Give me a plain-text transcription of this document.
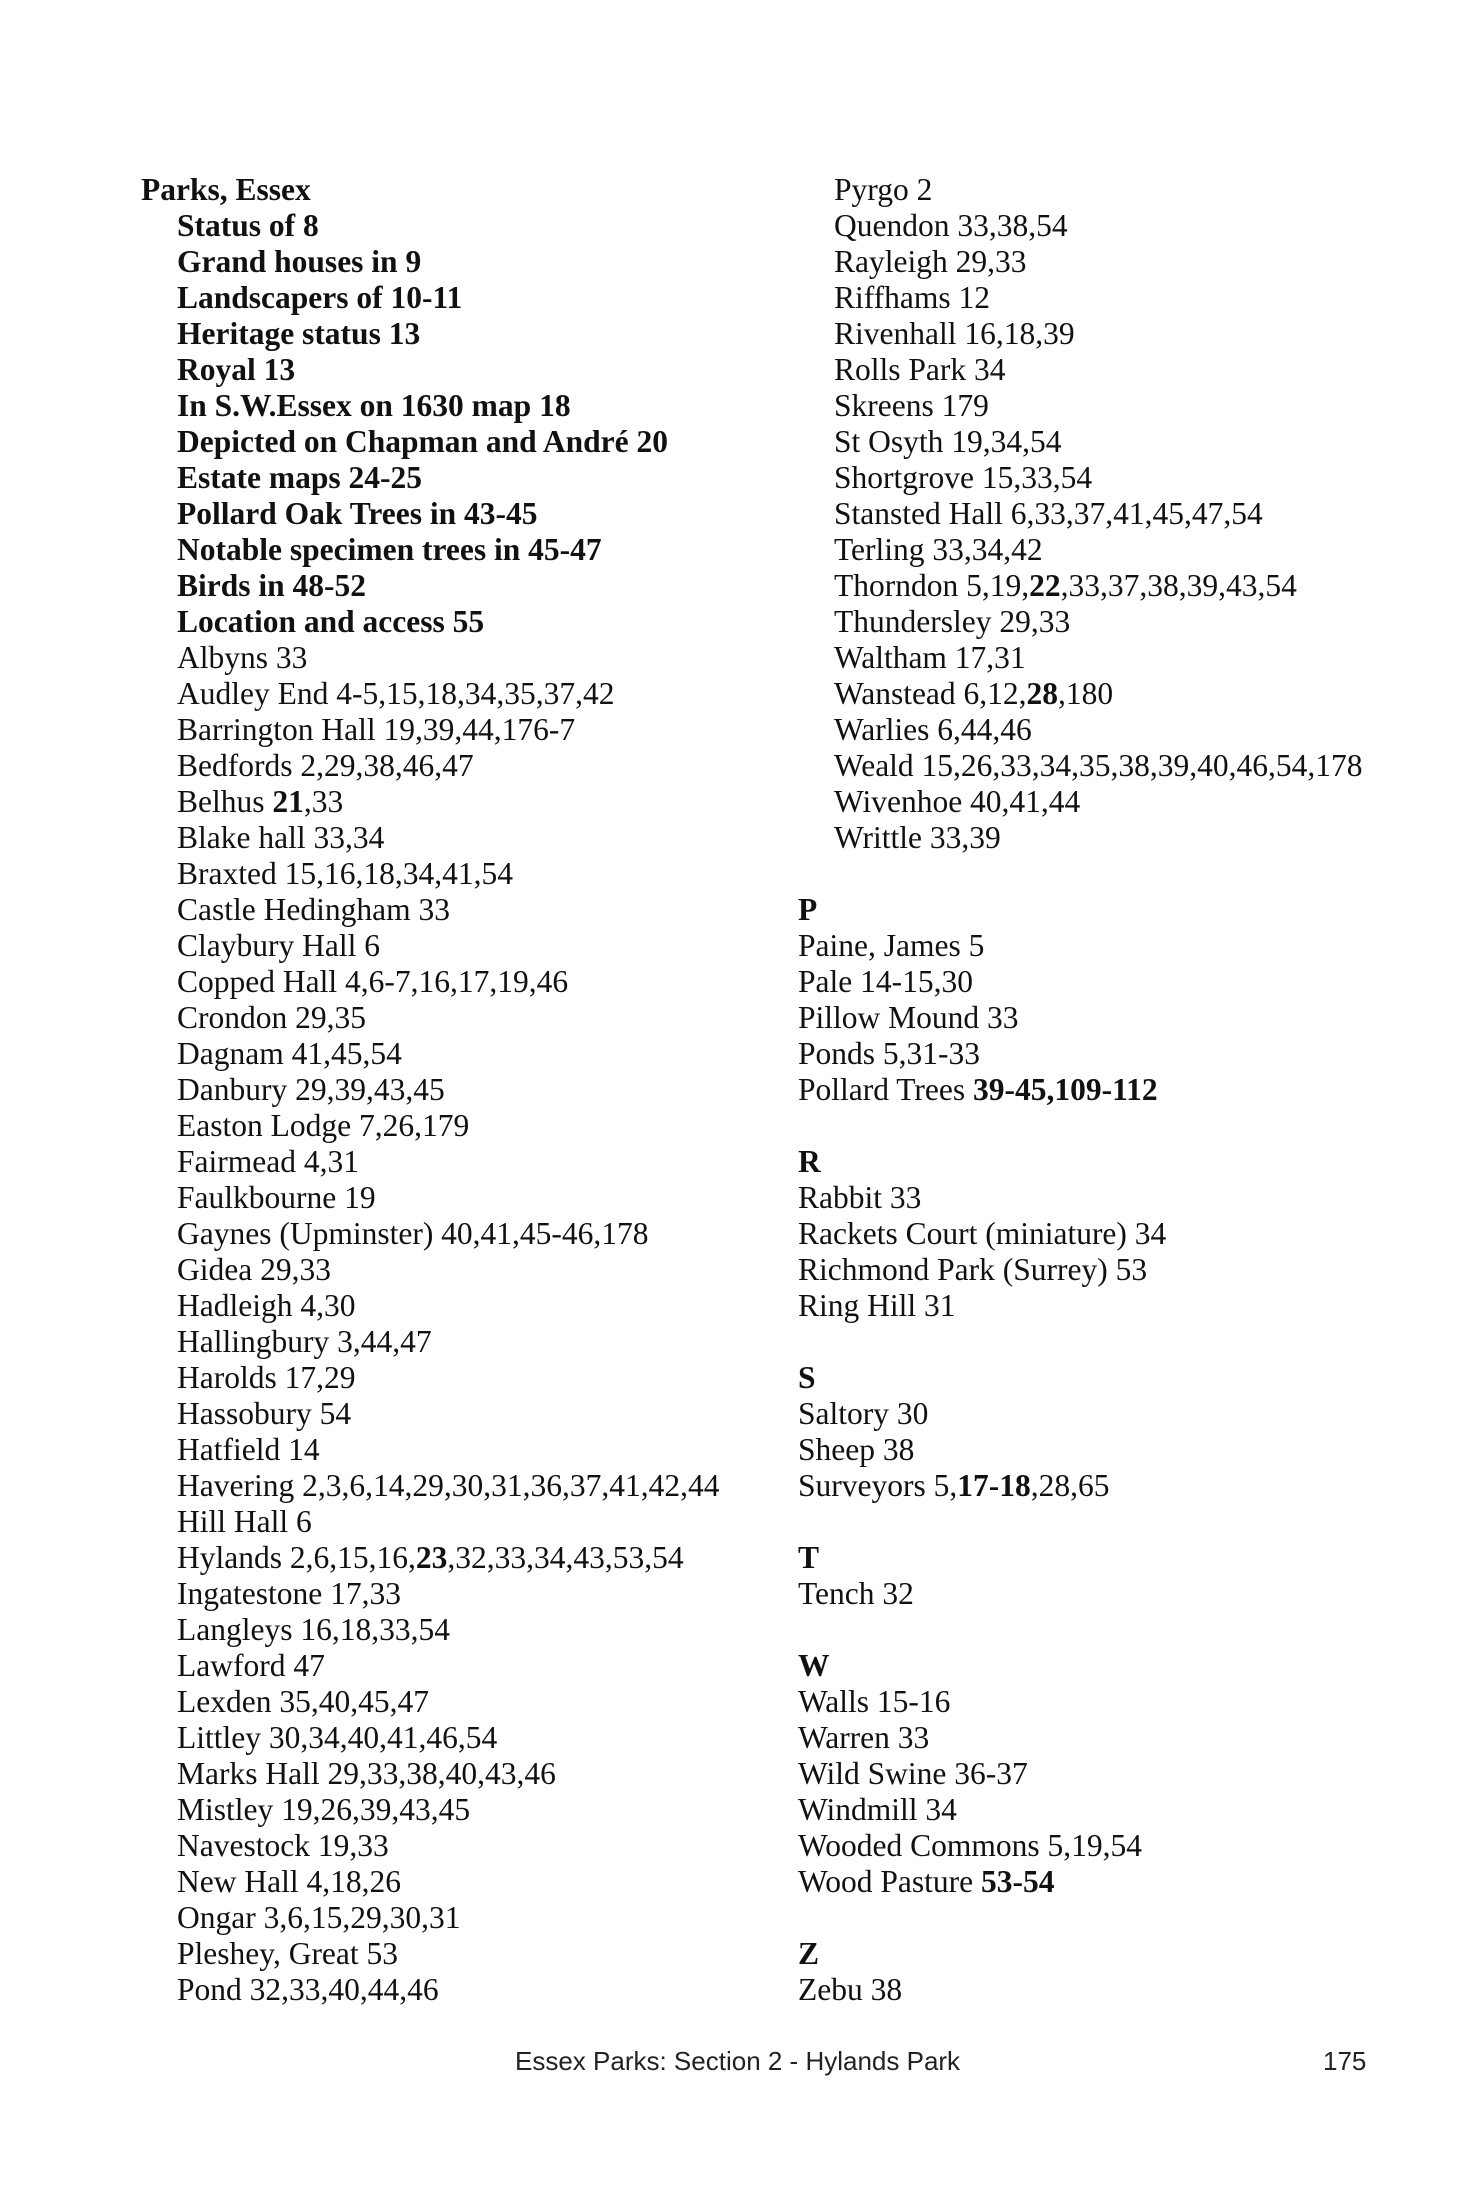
Parks, Essex
Status of 8
Grand houses in 9
Landscapers of 10-11
Heritage status 13
Royal 13
In S.W.Essex on 1630 map 18
Depicted on Chapman and André 20
Estate maps 24-25
Pollard Oak Trees in 43-45
Notable specimen trees in 45-47
Birds in 48-52
Location and access 55
Albyns 33
Audley End 4-5,15,18,34,35,37,42
Barrington Hall 19,39,44,176-7
Bedfords 2,29,38,46,47
Belhus 21,33
Blake hall 33,34
Braxted 15,16,18,34,41,54
Castle Hedingham 33
Claybury Hall 6
Copped Hall 4,6-7,16,17,19,46
Crondon 29,35
Dagnam 41,45,54
Danbury 29,39,43,45
Easton Lodge 7,26,179
Fairmead 4,31
Faulkbourne 19
Gaynes (Upminster) 40,41,45-46,178
Gidea 29,33
Hadleigh 4,30
Hallingbury 3,44,47
Harolds 17,29
Hassobury 54
Hatfield 14
Havering 2,3,6,14,29,30,31,36,37,41,42,44
Hill Hall 6
Hylands 2,6,15,16,23,32,33,34,43,53,54
Ingatestone 17,33
Langleys 16,18,33,54
Lawford 47
Lexden 35,40,45,47
Littley 30,34,40,41,46,54
Marks Hall 29,33,38,40,43,46
Mistley 19,26,39,43,45
Navestock 19,33
New Hall 4,18,26
Ongar 3,6,15,29,30,31
Pleshey, Great 53
Pond 32,33,40,44,46
Pyrgo 2
Quendon 33,38,54
Rayleigh 29,33
Riffhams 12
Rivenhall 16,18,39
Rolls Park 34
Skreens 179
St Osyth 19,34,54
Shortgrove 15,33,54
Stansted Hall 6,33,37,41,45,47,54
Terling 33,34,42
Thorndon 5,19,22,33,37,38,39,43,54
Thundersley 29,33
Waltham 17,31
Wanstead 6,12,28,180
Warlies 6,44,46
Weald 15,26,33,34,35,38,39,40,46,54,178
Wivenhoe 40,41,44
Writtle 33,39
P
Paine, James 5
Pale 14-15,30
Pillow Mound 33
Ponds 5,31-33
Pollard Trees 39-45,109-112
R
Rabbit 33
Rackets Court (miniature) 34
Richmond Park (Surrey) 53
Ring Hill 31
S
Saltory 30
Sheep 38
Surveyors 5,17-18,28,65
T
Tench 32
W
Walls 15-16
Warren 33
Wild Swine 36-37
Windmill 34
Wooded Commons 5,19,54
Wood Pasture 53-54
Z
Zebu 38
Essex Parks: Section 2 - Hylands Park	175
